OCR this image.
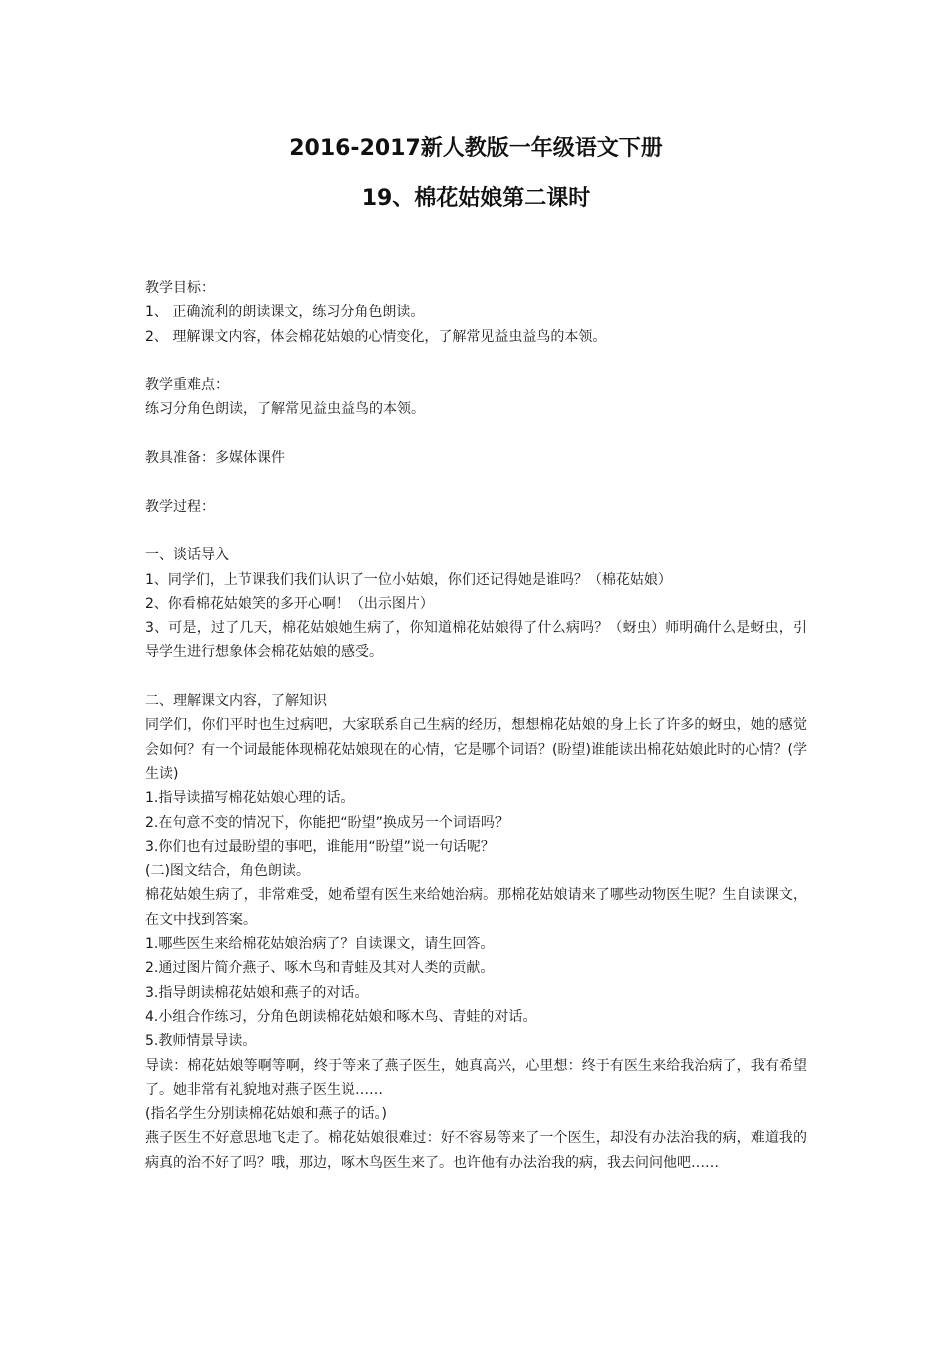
2016-2017新人教版一年级语文下册
19、棉花姑娘第二课时
教学目标：
1、 正确流利的朗读课文，练习分角色朗读。
2、 理解课文内容，体会棉花姑娘的心情变化，了解常见益虫益鸟的本领。
教学重难点：
练习分角色朗读，了解常见益虫益鸟的本领。
教具准备：多媒体课件
教学过程：
一、谈话导入
1、同学们，上节课我们我们认识了一位小姑娘，你们还记得她是谁吗？（棉花姑娘）
2、你看棉花姑娘笑的多开心啊！（出示图片）
3、可是，过了几天，棉花姑娘她生病了，你知道棉花姑娘得了什么病吗？（蚜虫）师明确什么是蚜虫，引导学生进行想象体会棉花姑娘的感受。
二、理解课文内容，了解知识
同学们，你们平时也生过病吧，大家联系自己生病的经历，想想棉花姑娘的身上长了许多的蚜虫，她的感觉会如何？有一个词最能体现棉花姑娘现在的心情，它是哪个词语？(盼望)谁能读出棉花姑娘此时的心情？(学生读)
1.指导读描写棉花姑娘心理的话。
2.在句意不变的情况下，你能把“盼望”换成另一个词语吗？
3.你们也有过最盼望的事吧，谁能用“盼望”说一句话呢？
(二)图文结合，角色朗读。
棉花姑娘生病了，非常难受，她希望有医生来给她治病。那棉花姑娘请来了哪些动物医生呢？生自读课文，在文中找到答案。
1.哪些医生来给棉花姑娘治病了？自读课文，请生回答。
2.通过图片简介燕子、啄木鸟和青蛙及其对人类的贡献。
3.指导朗读棉花姑娘和燕子的对话。
4.小组合作练习，分角色朗读棉花姑娘和啄木鸟、青蛙的对话。
5.教师情景导读。
导读：棉花姑娘等啊等啊，终于等来了燕子医生，她真高兴，心里想：终于有医生来给我治病了，我有希望了。她非常有礼貌地对燕子医生说……
(指名学生分别读棉花姑娘和燕子的话。)
燕子医生不好意思地飞走了。棉花姑娘很难过：好不容易等来了一个医生，却没有办法治我的病，难道我的病真的治不好了吗？哦，那边，啄木鸟医生来了。也许他有办法治我的病，我去问问他吧……
